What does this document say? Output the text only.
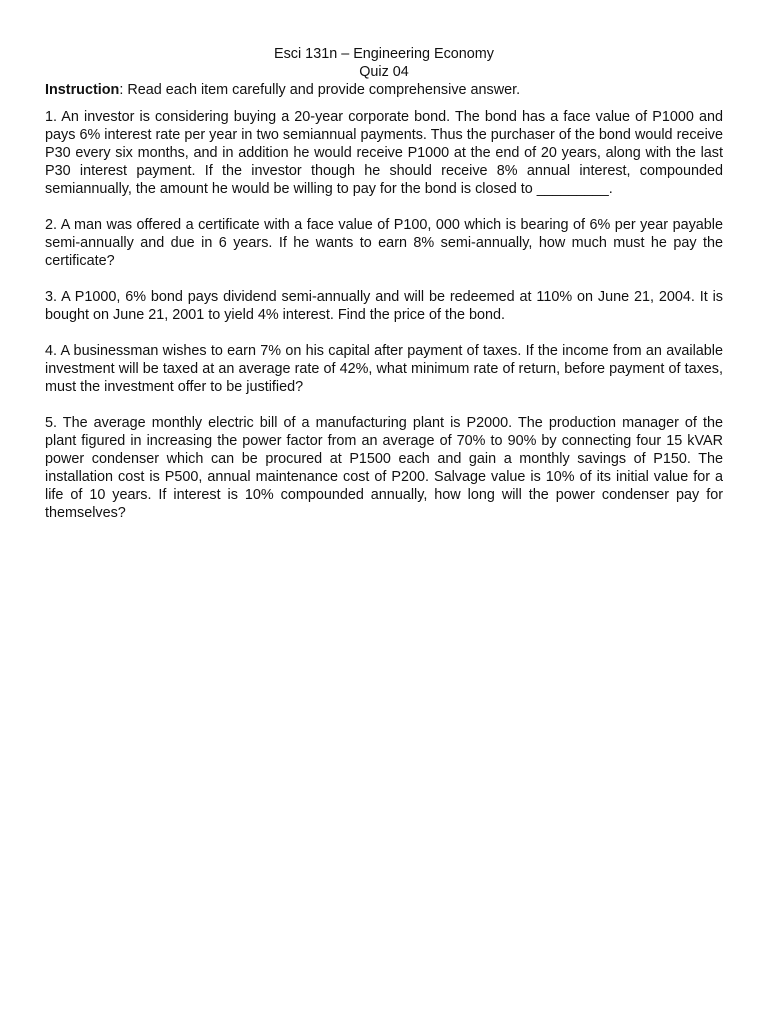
Esci 131n – Engineering Economy
Quiz 04
Instruction: Read each item carefully and provide comprehensive answer.
1. An investor is considering buying a 20-year corporate bond. The bond has a face value of P1000 and pays 6% interest rate per year in two semiannual payments. Thus the purchaser of the bond would receive P30 every six months, and in addition he would receive P1000 at the end of 20 years, along with the last P30 interest payment. If the investor though he should receive 8% annual interest, compounded semiannually, the amount he would be willing to pay for the bond is closed to _________.
2. A man was offered a certificate with a face value of P100, 000 which is bearing of 6% per year payable semi-annually and due in 6 years. If he wants to earn 8% semi-annually, how much must he pay the certificate?
3. A P1000, 6% bond pays dividend semi-annually and will be redeemed at 110% on June 21, 2004. It is bought on June 21, 2001 to yield 4% interest. Find the price of the bond.
4. A businessman wishes to earn 7% on his capital after payment of taxes. If the income from an available investment will be taxed at an average rate of 42%, what minimum rate of return, before payment of taxes, must the investment offer to be justified?
5. The average monthly electric bill of a manufacturing plant is P2000. The production manager of the plant figured in increasing the power factor from an average of 70% to 90% by connecting four 15 kVAR power condenser which can be procured at P1500 each and gain a monthly savings of P150. The installation cost is P500, annual maintenance cost of P200. Salvage value is 10% of its initial value for a life of 10 years. If interest is 10% compounded annually, how long will the power condenser pay for themselves?
